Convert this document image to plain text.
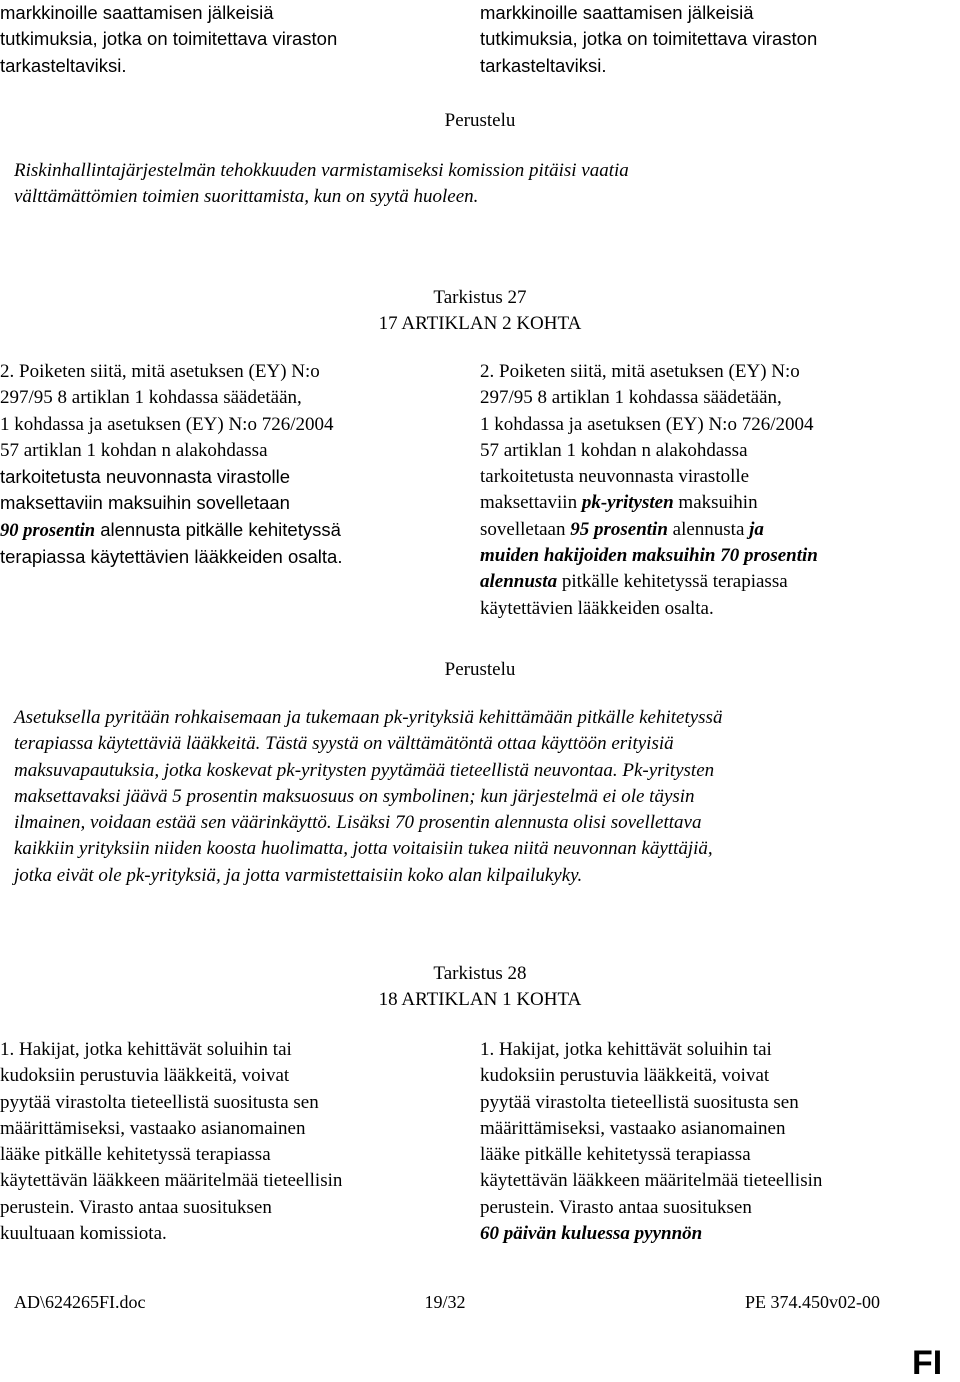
markkinoille saattamisen jälkeisiä
tutkimuksia, jotka on toimitettava viraston
tarkasteltaviksi.
markkinoille saattamisen jälkeisiä
tutkimuksia, jotka on toimitettava viraston
tarkasteltaviksi.
Perustelu
Riskinhallintajärjestelmän tehokkuuden varmistamiseksi komission pitäisi vaatia
välttämättömien toimien suorittamista, kun on syytä huoleen.
Tarkistus 27
17 ARTIKLAN 2 KOHTA
2. Poiketen siitä, mitä asetuksen (EY) N:o
297/95 8 artiklan 1 kohdassa säädetään,
1 kohdassa ja asetuksen (EY) N:o 726/2004
57 artiklan 1 kohdan n alakohdassa
tarkoitetusta neuvonnasta virastolle
maksettaviin maksuihin sovelletaan
90 prosentin alennusta pitkälle kehitetyssä
terapiassa käytettävien lääkkeiden osalta.
2. Poiketen siitä, mitä asetuksen (EY) N:o
297/95 8 artiklan 1 kohdassa säädetään,
1 kohdassa ja asetuksen (EY) N:o 726/2004
57 artiklan 1 kohdan n alakohdassa
tarkoitetusta neuvonnasta virastolle
maksettaviin pk-yritysten maksuihin
sovelletaan 95 prosentin alennusta ja
muiden hakijoiden maksuihin 70 prosentin
alennusta pitkälle kehitetyssä terapiassa
käytettävien lääkkeiden osalta.
Perustelu
Asetuksella pyritään rohkaisemaan ja tukemaan pk-yrityksiä kehittämään pitkälle kehitetyssä
terapiassa käytettäviä lääkkeitä. Tästä syystä on välttämätöntä ottaa käyttöön erityisiä
maksuvapautuksia, jotka koskevat pk-yritysten pyytämää tieteellistä neuvontaa. Pk-yritysten
maksettavaksi jäävä 5 prosentin maksuosuus on symbolinen; kun järjestelmä ei ole täysin
ilmainen, voidaan estää sen väärinkäyttö. Lisäksi 70 prosentin alennusta olisi sovellettava
kaikkiin yrityksiin niiden koosta huolimatta, jotta voitaisiin tukea niitä neuvonnan käyttäjiä,
jotka eivät ole pk-yrityksiä, ja jotta varmistettaisiin koko alan kilpailukyky.
Tarkistus 28
18 ARTIKLAN 1 KOHTA
1. Hakijat, jotka kehittävät soluihin tai
kudoksiin perustuvia lääkkeitä, voivat
pyytää virastolta tieteellistä suositusta sen
määrittämiseksi, vastaako asianomainen
lääke pitkälle kehitetyssä terapiassa
käytettävän lääkkeen määritelmää tieteellisin
perustein. Virasto antaa suosituksen
kuultuaan komissiota.
1. Hakijat, jotka kehittävät soluihin tai
kudoksiin perustuvia lääkkeitä, voivat
pyytää virastolta tieteellistä suositusta sen
määrittämiseksi, vastaako asianomainen
lääke pitkälle kehitetyssä terapiassa
käytettävän lääkkeen määritelmää tieteellisin
perustein. Virasto antaa suosituksen
60 päivän kuluessa pyynnön
AD\624265FI.doc	19/32	PE 374.450v02-00
FI
